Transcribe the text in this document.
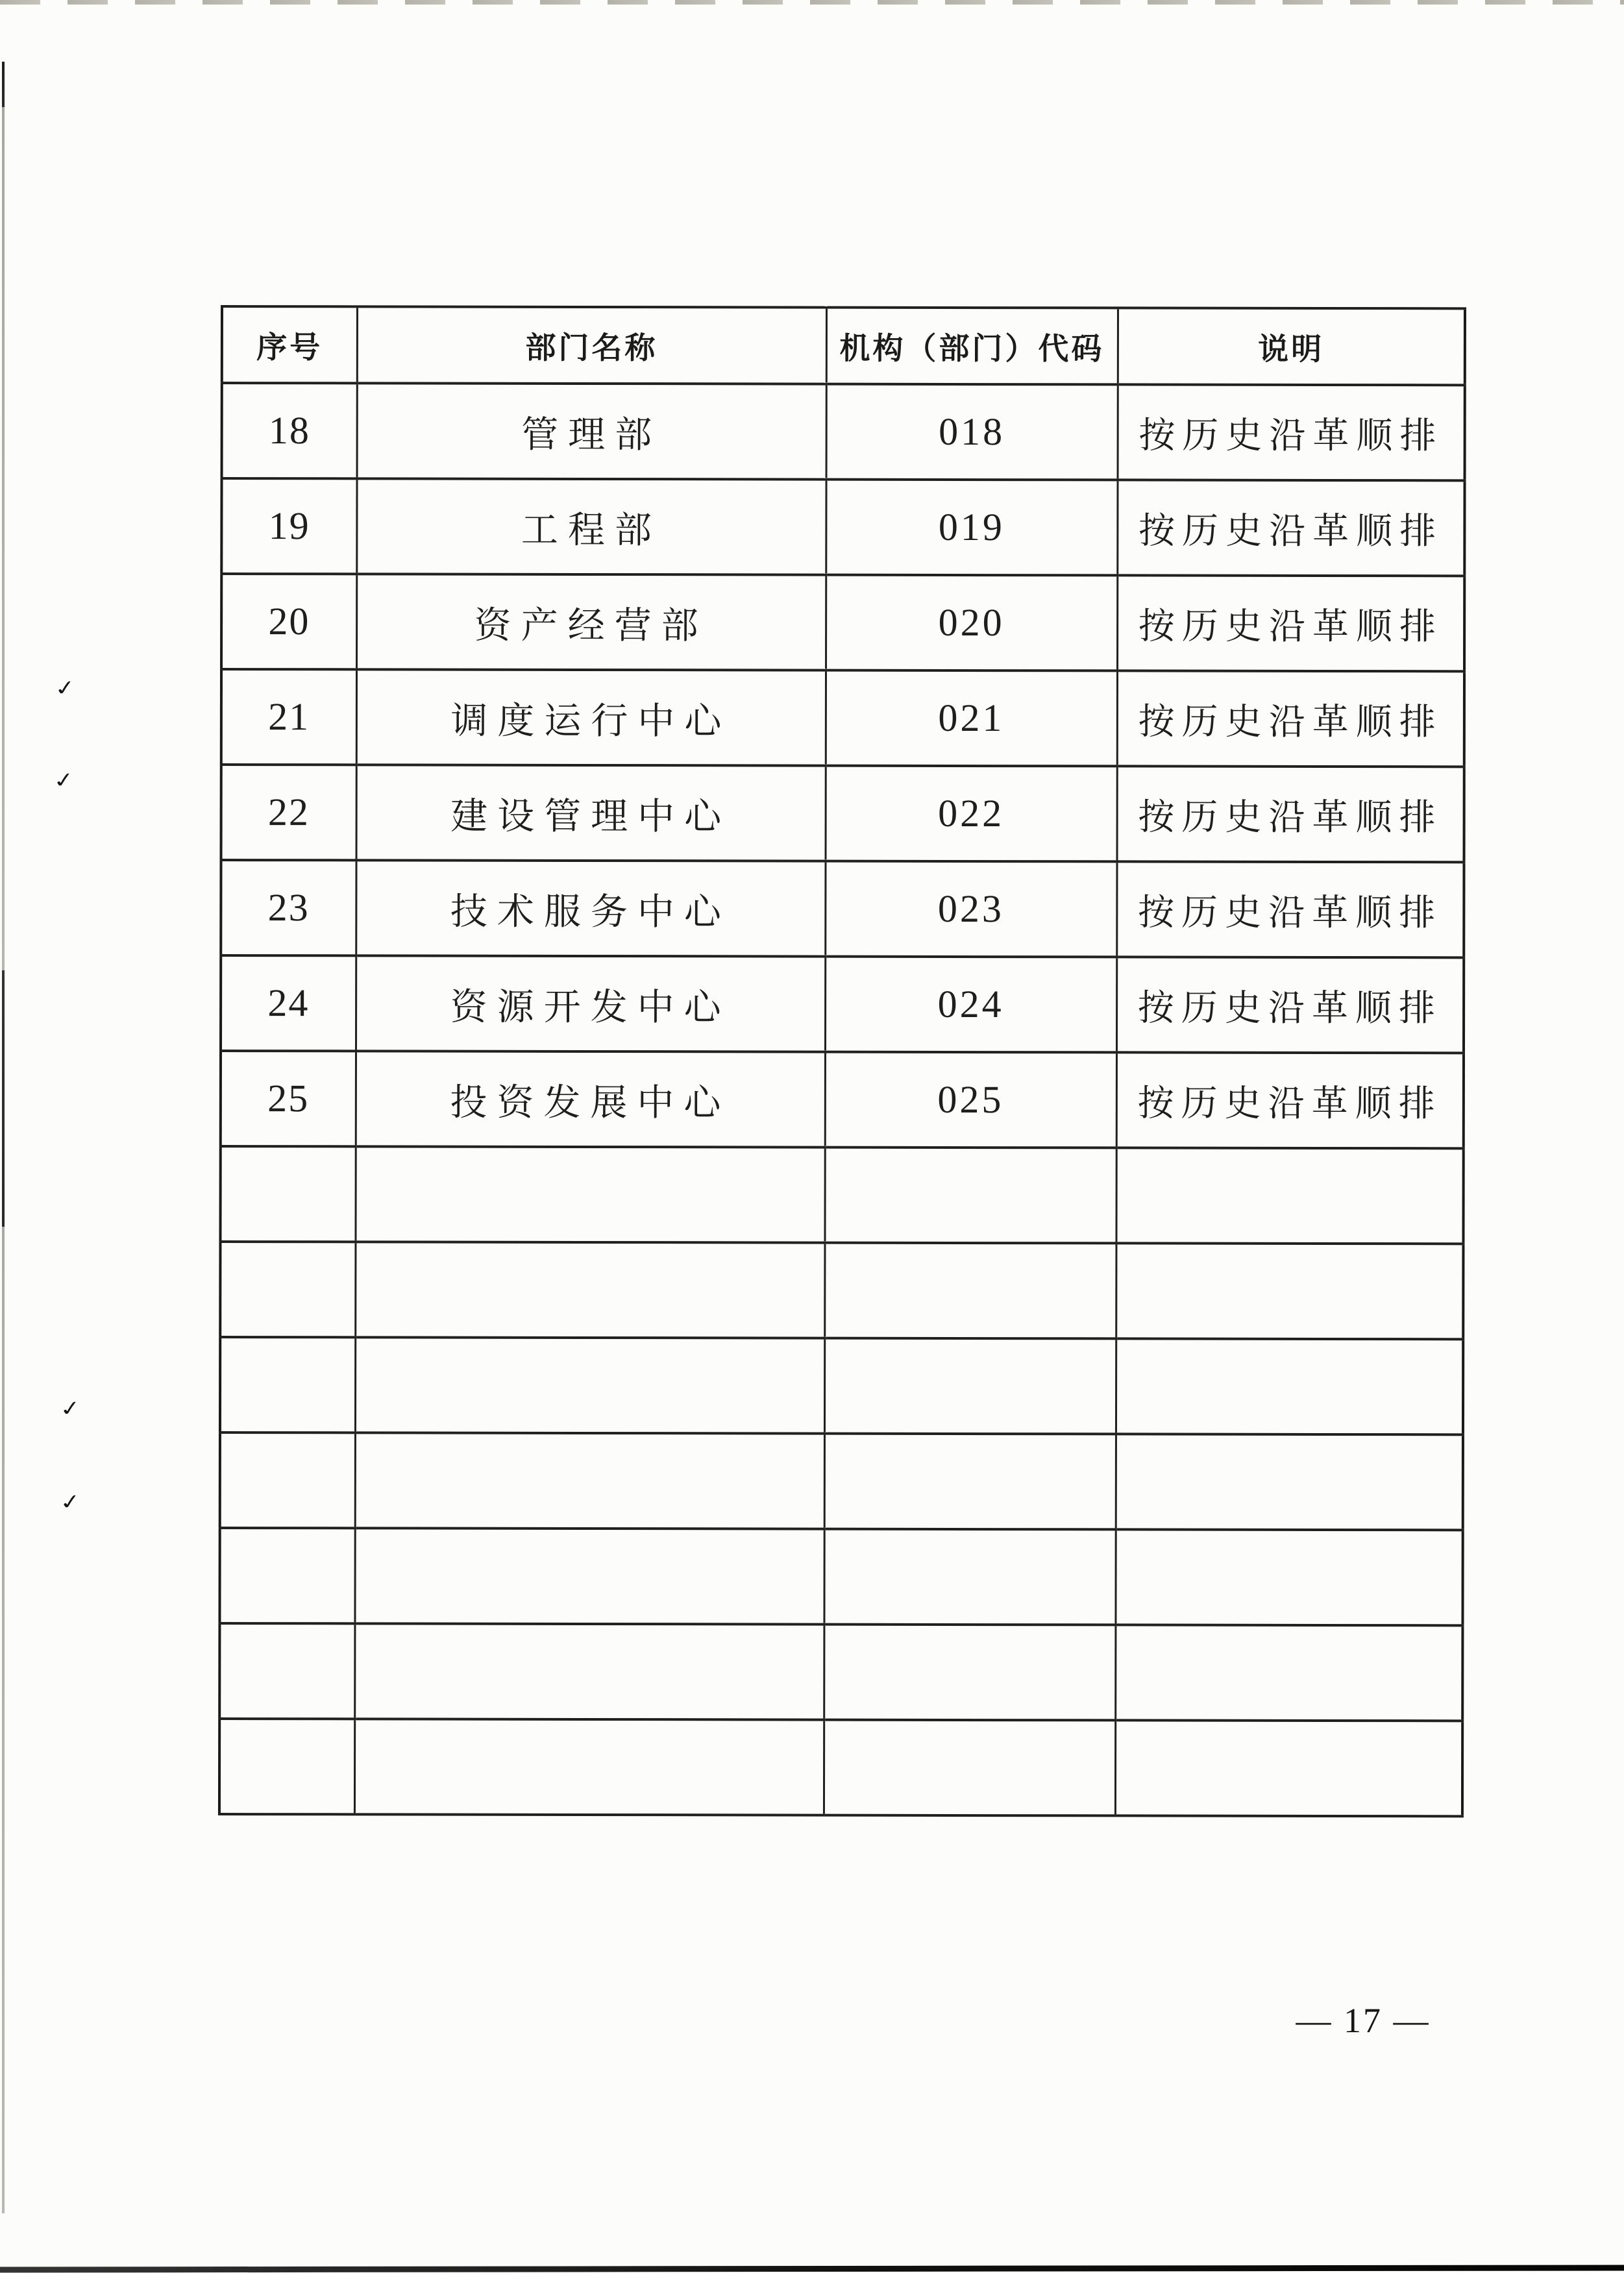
✓
✓
✓
✓
序号	部门名称	机构（部门）代码	说明
18	管理部	018	按历史沿革顺排
19	工程部	019	按历史沿革顺排
20	资产经营部	020	按历史沿革顺排
21	调度运行中心	021	按历史沿革顺排
22	建设管理中心	022	按历史沿革顺排
23	技术服务中心	023	按历史沿革顺排
24	资源开发中心	024	按历史沿革顺排
25	投资发展中心	025	按历史沿革顺排

— 17 —
